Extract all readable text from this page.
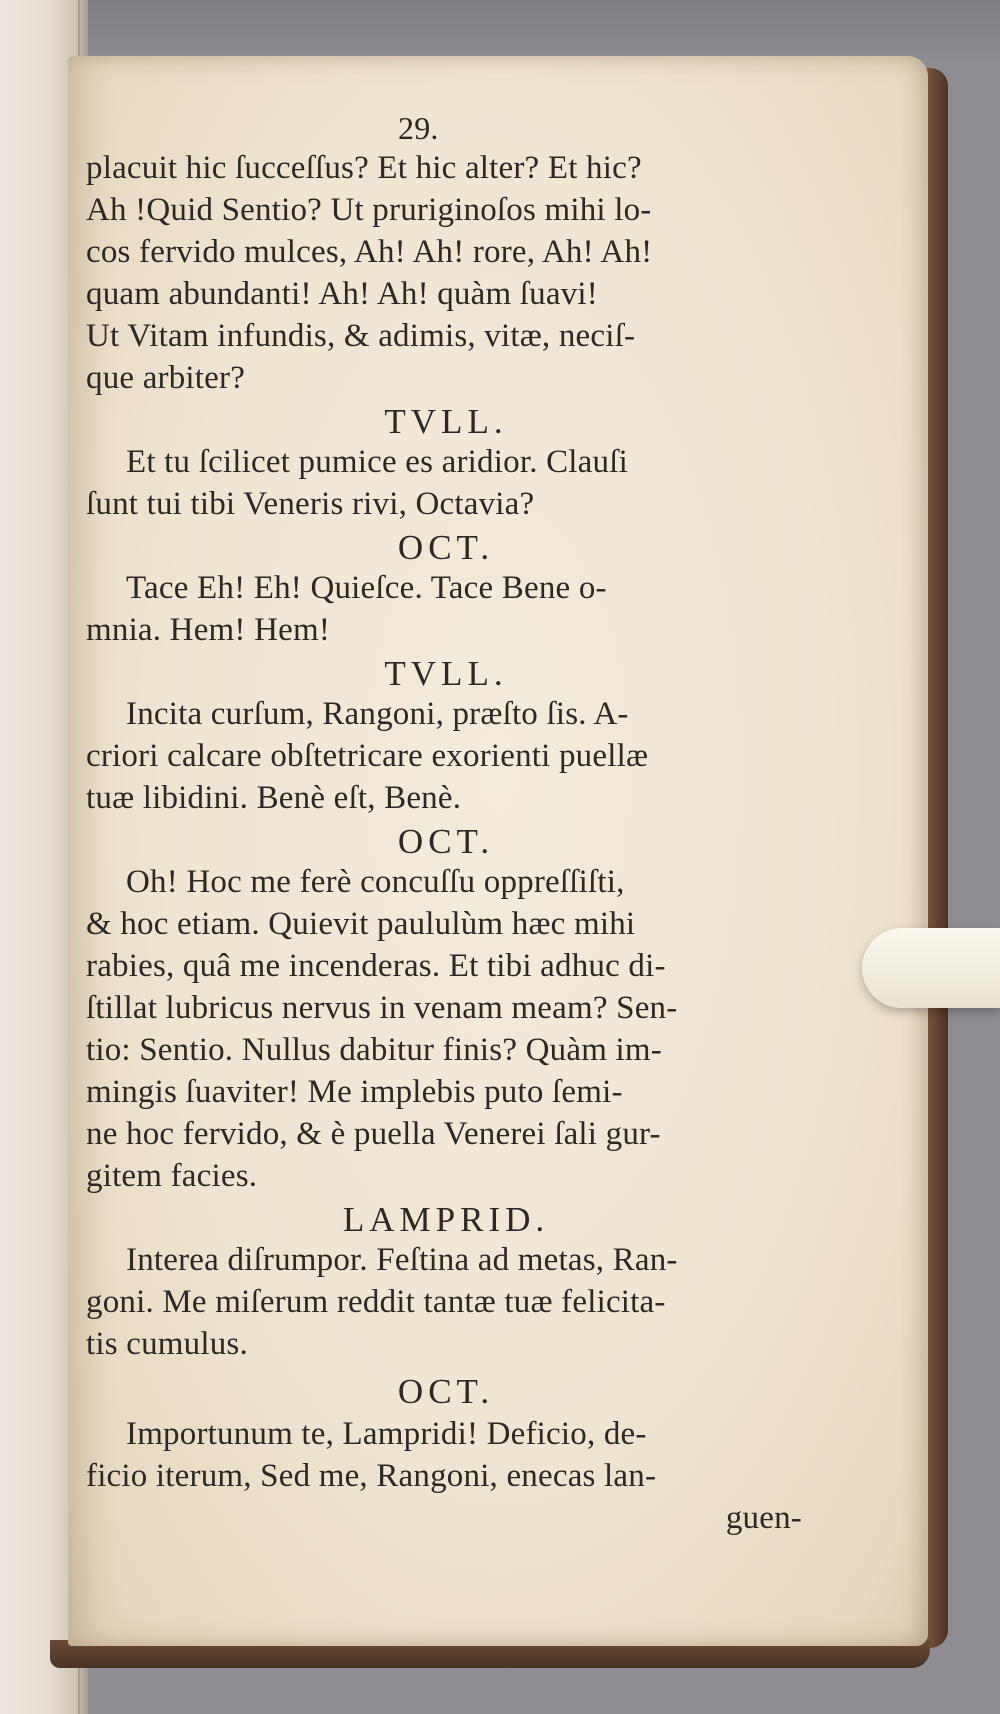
29.
placuit hic ſucceſſus? Et hic alter? Et hic?
Ah !Quid Sentio? Ut pruriginoſos mihi lo-
cos fervido mulces, Ah! Ah! rore, Ah! Ah!
quam abundanti! Ah! Ah! quàm ſuavi!
Ut Vitam infundis, & adimis, vitæ, neciſ-
que arbiter?
TVLL.
Et tu ſcilicet pumice es aridior. Clauſi
ſunt tui tibi Veneris rivi, Octavia?
OCT.
Tace Eh! Eh! Quieſce. Tace Bene o-
mnia. Hem! Hem!
TVLL.
Incita curſum, Rangoni, præſto ſis. A-
criori calcare obſtetricare exorienti puellæ
tuæ libidini. Benè eſt, Benè.
OCT.
Oh! Hoc me ferè concuſſu oppreſſiſti,
& hoc etiam. Quievit paululùm hæc mihi
rabies, quâ me incenderas. Et tibi adhuc di-
ſtillat lubricus nervus in venam meam? Sen-
tio: Sentio. Nullus dabitur finis? Quàm im-
mingis ſuaviter! Me implebis puto ſemi-
ne hoc fervido, & è puella Venerei ſali gur-
gitem facies.
LAMPRID.
Interea diſrumpor. Feſtina ad metas, Ran-
goni. Me miſerum reddit tantæ tuæ felicita-
tis cumulus.
OCT.
Importunum te, Lampridi! Deficio, de-
ficio iterum, Sed me, Rangoni, enecas lan-
guen-
